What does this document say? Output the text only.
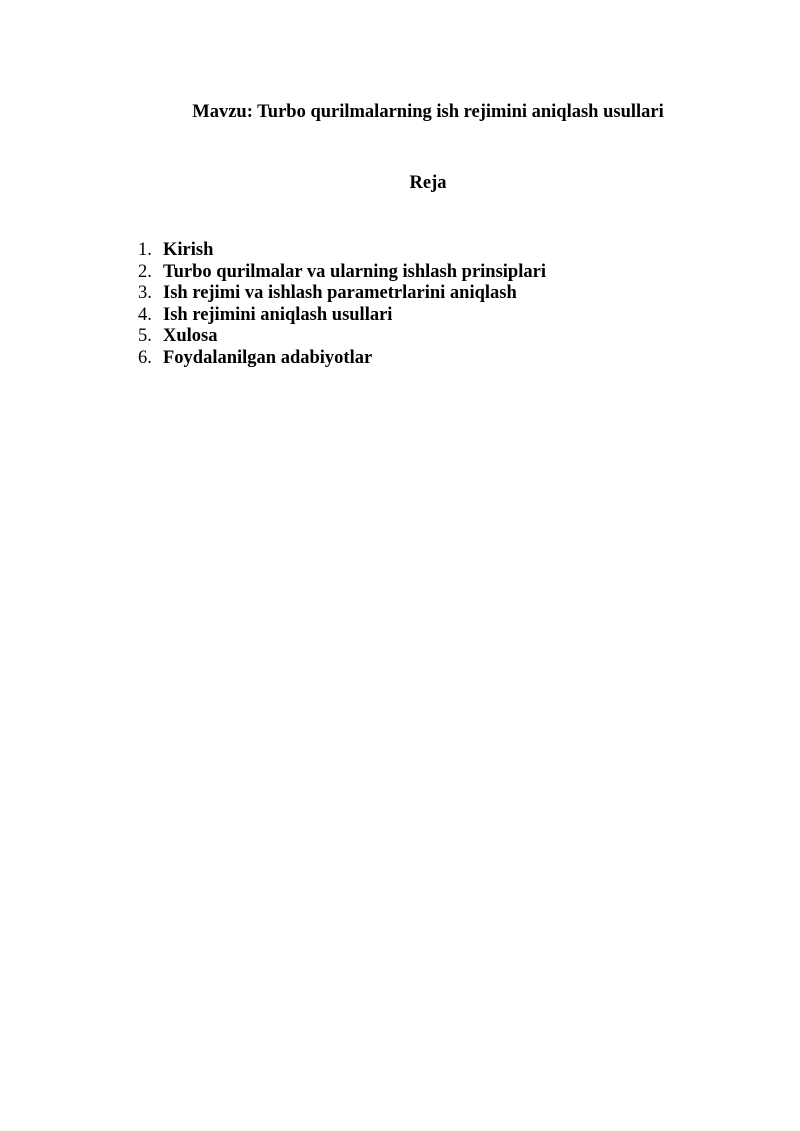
Mavzu: Turbo qurilmalarning ish rejimini aniqlash usullari
Reja
1. Kirish
2. Turbo qurilmalar va ularning ishlash prinsiplari
3. Ish rejimi va ishlash parametrlarini aniqlash
4. Ish rejimini aniqlash usullari
5. Xulosa
6. Foydalanilgan adabiyotlar
